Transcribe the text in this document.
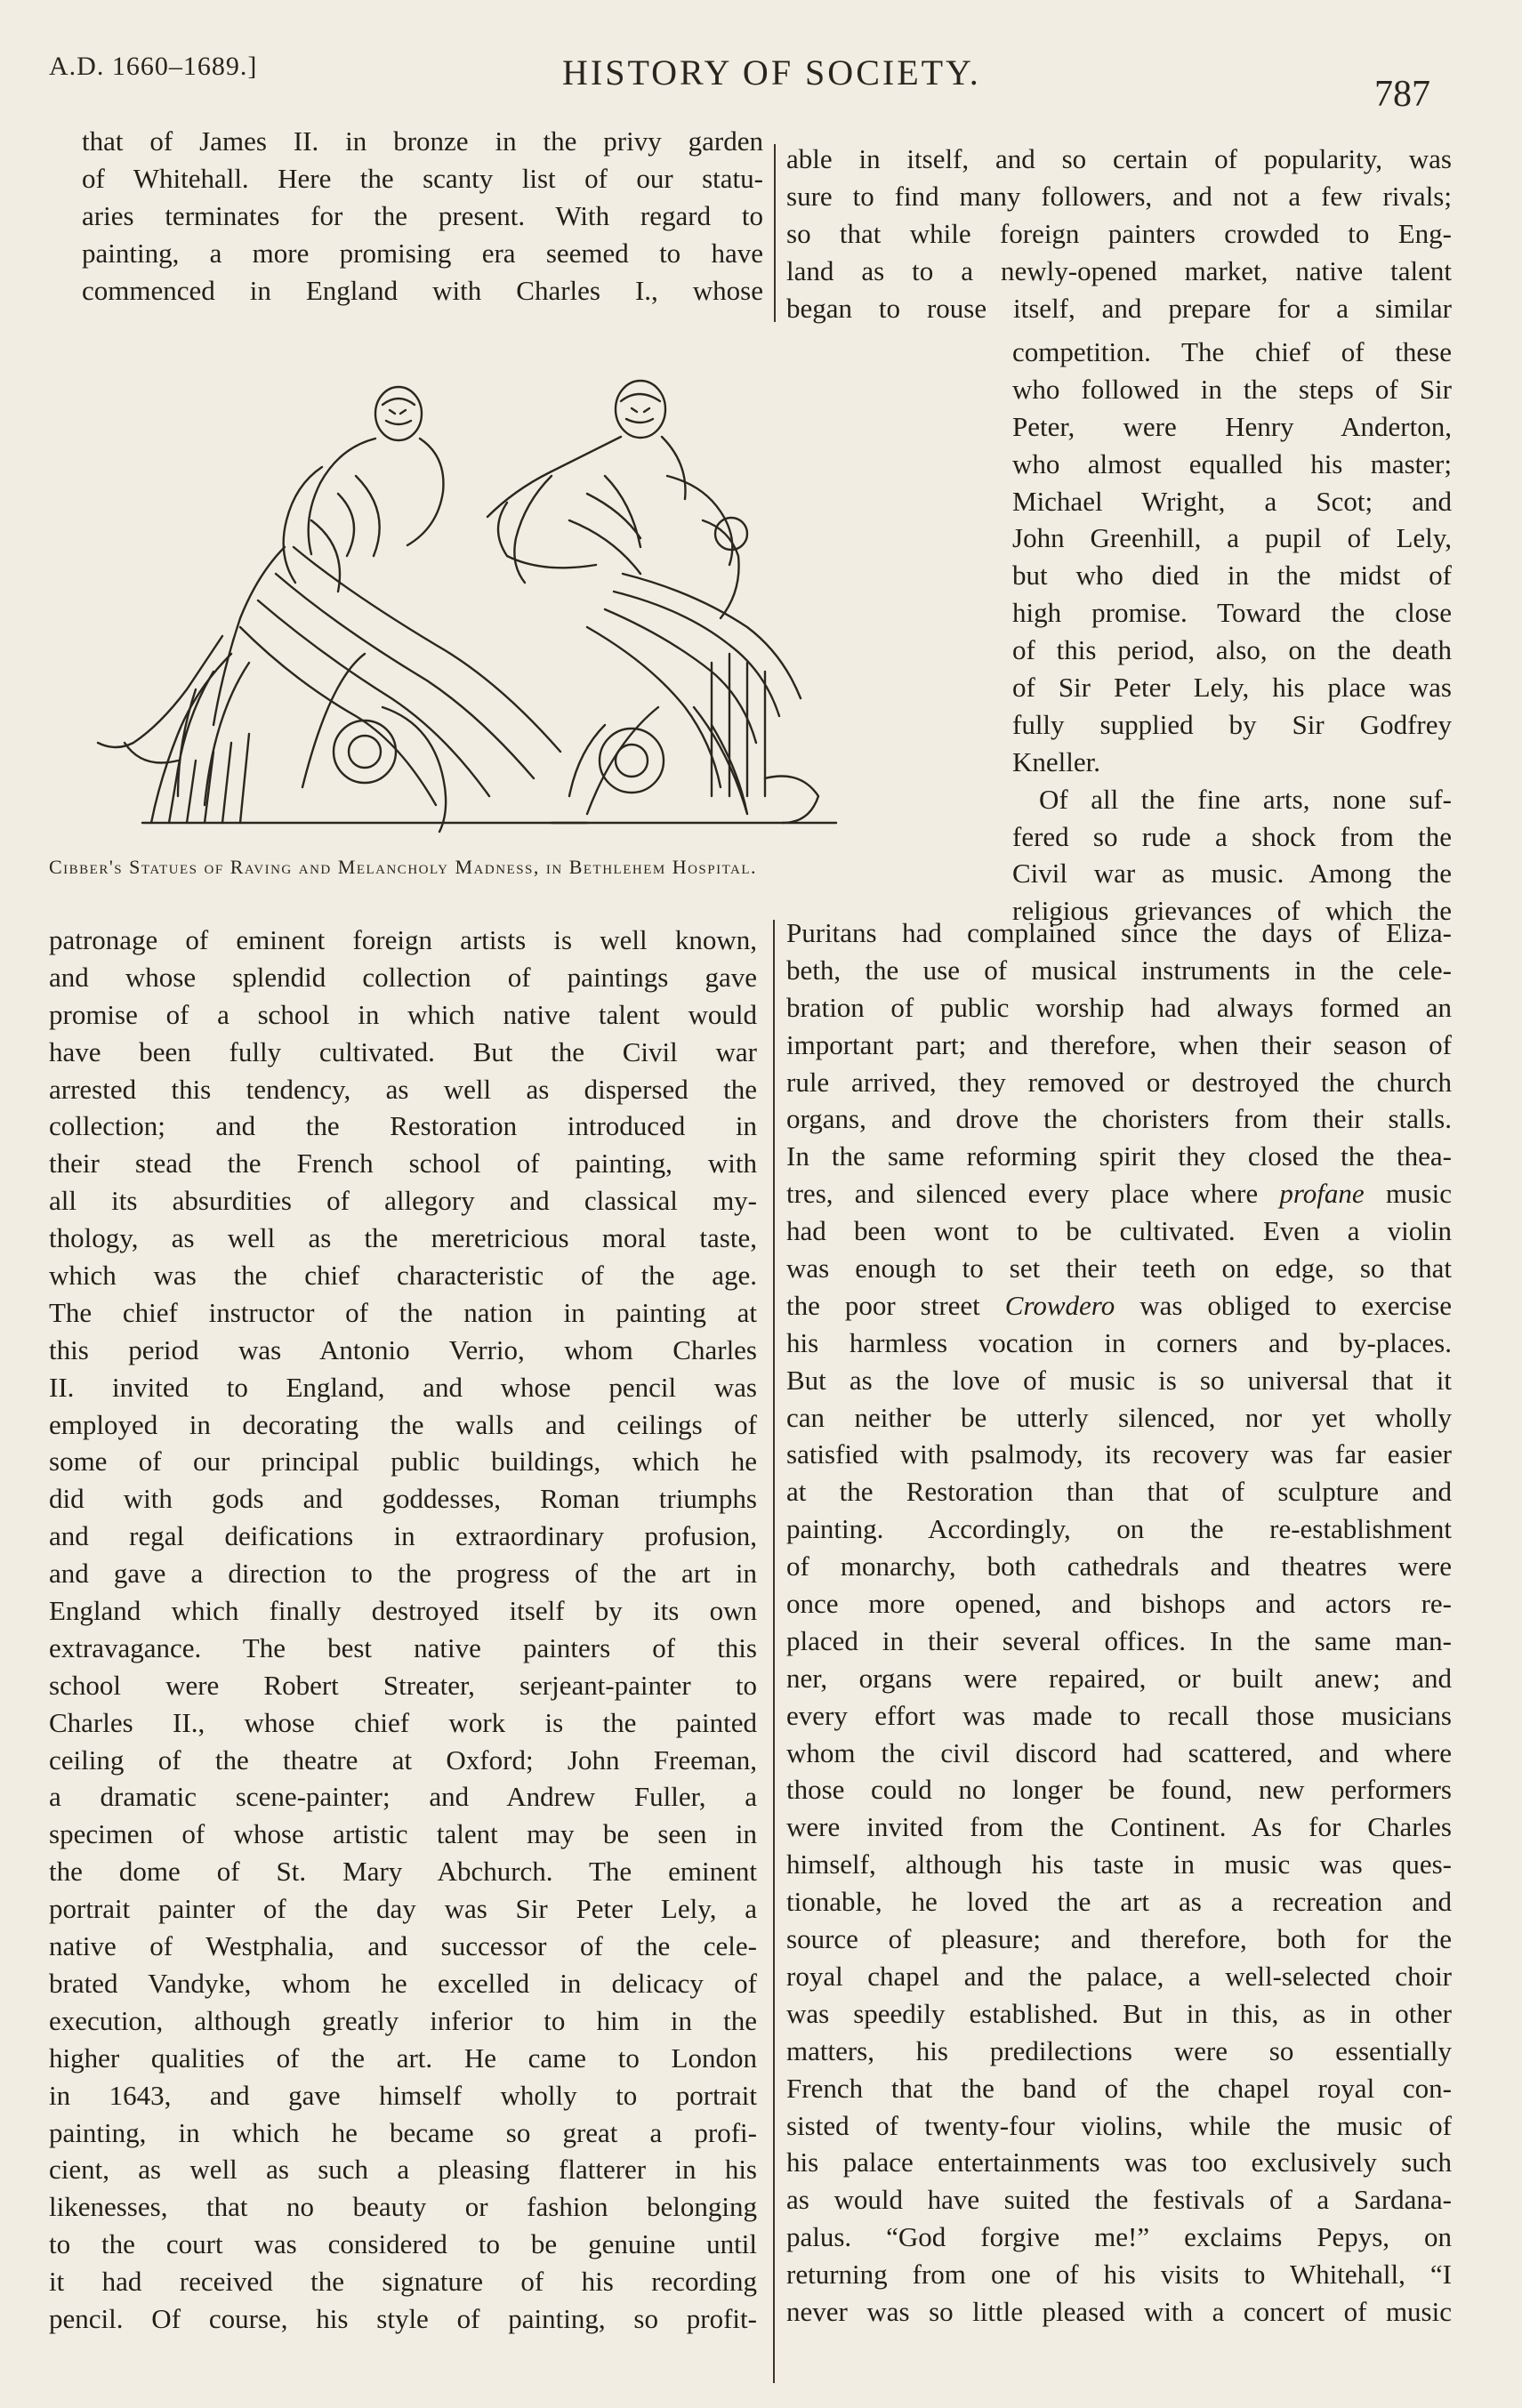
A.D. 1660–1689.]	HISTORY OF SOCIETY.
787
that of James II. in bronze in the privy garden
of Whitehall. Here the scanty list of our statu-
aries terminates for the present. With regard to
painting, a more promising era seemed to have
commenced in England with Charles I., whose
able in itself, and so certain of popularity, was
sure to find many followers, and not a few rivals;
so that while foreign painters crowded to Eng-
land as to a newly-opened market, native talent
began to rouse itself, and prepare for a similar
competition. The chief of these
who followed in the steps of Sir
Peter, were Henry Anderton,
who almost equalled his master;
Michael Wright, a Scot; and
John Greenhill, a pupil of Lely,
but who died in the midst of
high promise. Toward the close
of this period, also, on the death
of Sir Peter Lely, his place was
fully supplied by Sir Godfrey
Kneller.
Of all the fine arts, none suf-
fered so rude a shock from the
Civil war as music. Among the
religious grievances of which the
Cibber's Statues of Raving and Melancholy Madness, in Bethlehem Hospital.
patronage of eminent foreign artists is well known,
and whose splendid collection of paintings gave
promise of a school in which native talent would
have been fully cultivated. But the Civil war
arrested this tendency, as well as dispersed the
collection; and the Restoration introduced in
their stead the French school of painting, with
all its absurdities of allegory and classical my-
thology, as well as the meretricious moral taste,
which was the chief characteristic of the age.
The chief instructor of the nation in painting at
this period was Antonio Verrio, whom Charles
II. invited to England, and whose pencil was
employed in decorating the walls and ceilings of
some of our principal public buildings, which he
did with gods and goddesses, Roman triumphs
and regal deifications in extraordinary profusion,
and gave a direction to the progress of the art in
England which finally destroyed itself by its own
extravagance. The best native painters of this
school were Robert Streater, serjeant-painter to
Charles II., whose chief work is the painted
ceiling of the theatre at Oxford; John Freeman,
a dramatic scene-painter; and Andrew Fuller, a
specimen of whose artistic talent may be seen in
the dome of St. Mary Abchurch. The eminent
portrait painter of the day was Sir Peter Lely, a
native of Westphalia, and successor of the cele-
brated Vandyke, whom he excelled in delicacy of
execution, although greatly inferior to him in the
higher qualities of the art. He came to London
in 1643, and gave himself wholly to portrait
painting, in which he became so great a profi-
cient, as well as such a pleasing flatterer in his
likenesses, that no beauty or fashion belonging
to the court was considered to be genuine until
it had received the signature of his recording
pencil. Of course, his style of painting, so profit-
Puritans had complained since the days of Eliza-
beth, the use of musical instruments in the cele-
bration of public worship had always formed an
important part; and therefore, when their season of
rule arrived, they removed or destroyed the church
organs, and drove the choristers from their stalls.
In the same reforming spirit they closed the thea-
tres, and silenced every place where profane music
had been wont to be cultivated. Even a violin
was enough to set their teeth on edge, so that
the poor street Crowdero was obliged to exercise
his harmless vocation in corners and by-places.
But as the love of music is so universal that it
can neither be utterly silenced, nor yet wholly
satisfied with psalmody, its recovery was far easier
at the Restoration than that of sculpture and
painting. Accordingly, on the re-establishment
of monarchy, both cathedrals and theatres were
once more opened, and bishops and actors re-
placed in their several offices. In the same man-
ner, organs were repaired, or built anew; and
every effort was made to recall those musicians
whom the civil discord had scattered, and where
those could no longer be found, new performers
were invited from the Continent. As for Charles
himself, although his taste in music was ques-
tionable, he loved the art as a recreation and
source of pleasure; and therefore, both for the
royal chapel and the palace, a well-selected choir
was speedily established. But in this, as in other
matters, his predilections were so essentially
French that the band of the chapel royal con-
sisted of twenty-four violins, while the music of
his palace entertainments was too exclusively such
as would have suited the festivals of a Sardana-
palus. “God forgive me!” exclaims Pepys, on
returning from one of his visits to Whitehall, “I
never was so little pleased with a concert of music
